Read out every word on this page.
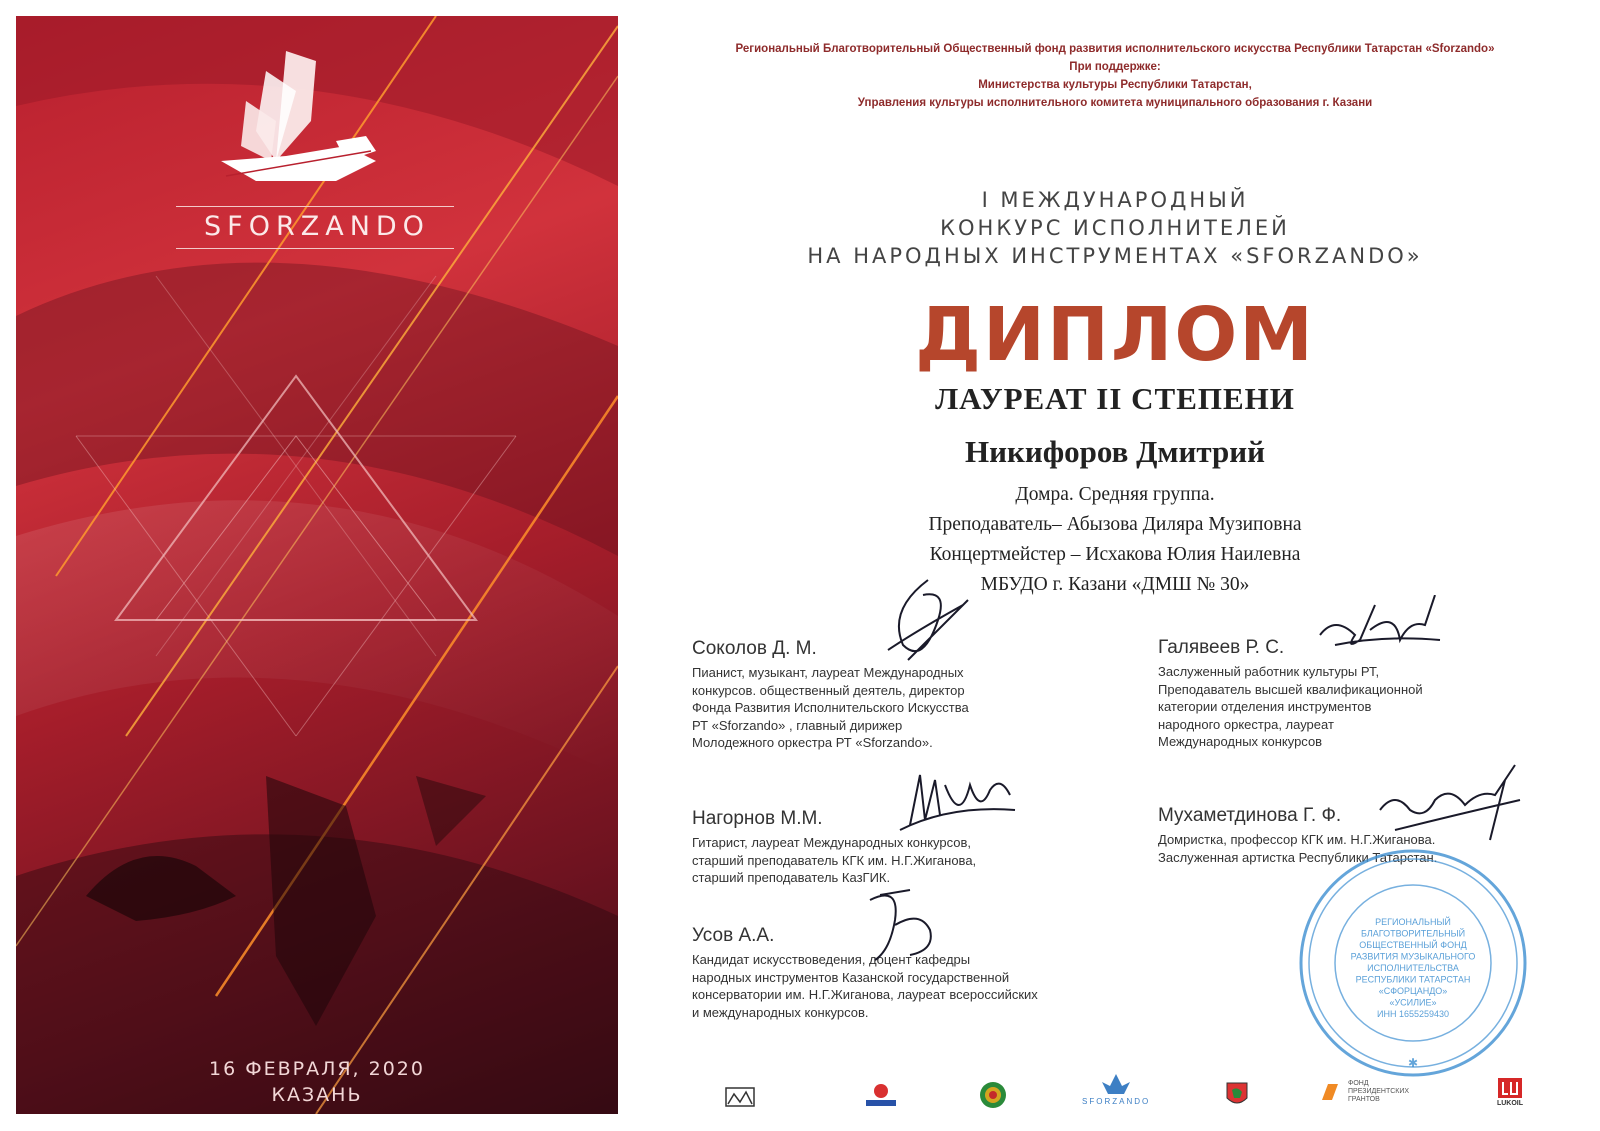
SFORZANDO
16 ФЕВРАЛЯ, 2020
КАЗАНЬ
Региональный Благотворительный Общественный фонд развития исполнительского искусства Республики Татарстан «Sforzando»
При поддержке:
Министерства культуры Республики Татарстан,
Управления культуры исполнительного комитета муниципального образования г. Казани
I МЕЖДУНАРОДНЫЙ
КОНКУРС ИСПОЛНИТЕЛЕЙ
НА НАРОДНЫХ ИНСТРУМЕНТАХ «SFORZANDO»
ДИПЛОМ
ЛАУРЕАТ II СТЕПЕНИ
Никифоров Дмитрий
Домра. Средняя группа.
Преподаватель– Абызова Диляра Музиповна
Концертмейстер – Исхакова Юлия Наилевна
МБУДО г. Казани «ДМШ № 30»
Соколов Д. М.
Пианист, музыкант, лауреат Международных
конкурсов. общественный деятель, директор
Фонда Развития Исполнительского Искусства
РТ «Sforzando» , главный дирижер
Молодежного оркестра РТ «Sforzando».
Галявеев Р. С.
Заслуженный работник культуры РТ,
Преподаватель высшей квалификационной
категории отделения инструментов
народного оркестра, лауреат
Международных конкурсов
Нагорнов М.М.
Гитарист, лауреат Международных конкурсов,
старший преподаватель КГК им. Н.Г.Жиганова,
старший преподаватель КазГИК.
Мухаметдинова Г. Ф.
Домристка, профессор КГК им. Н.Г.Жиганова.
Заслуженная артистка Республики Татарстан.
Усов А.А.
Кандидат искусствоведения, доцент кафедры
народных инструментов Казанской государственной
консерватории им. Н.Г.Жиганова, лауреат всероссийских
и международных конкурсов.
РЕГИОНАЛЬНЫЙ
БЛАГОТВОРИТЕЛЬНЫЙ
ОБЩЕСТВЕННЫЙ ФОНД
РАЗВИТИЯ МУЗЫКАЛЬНОГО
ИСПОЛНИТЕЛЬСТВА
РЕСПУБЛИКИ ТАТАРСТАН
«СФОРЦАНДО»
«УСИЛИЕ»
ИНН 1655259430
✱
SFORZANDO
ФОНД ПРЕЗИДЕНТСКИХ ГРАНТОВ
LUKOIL
